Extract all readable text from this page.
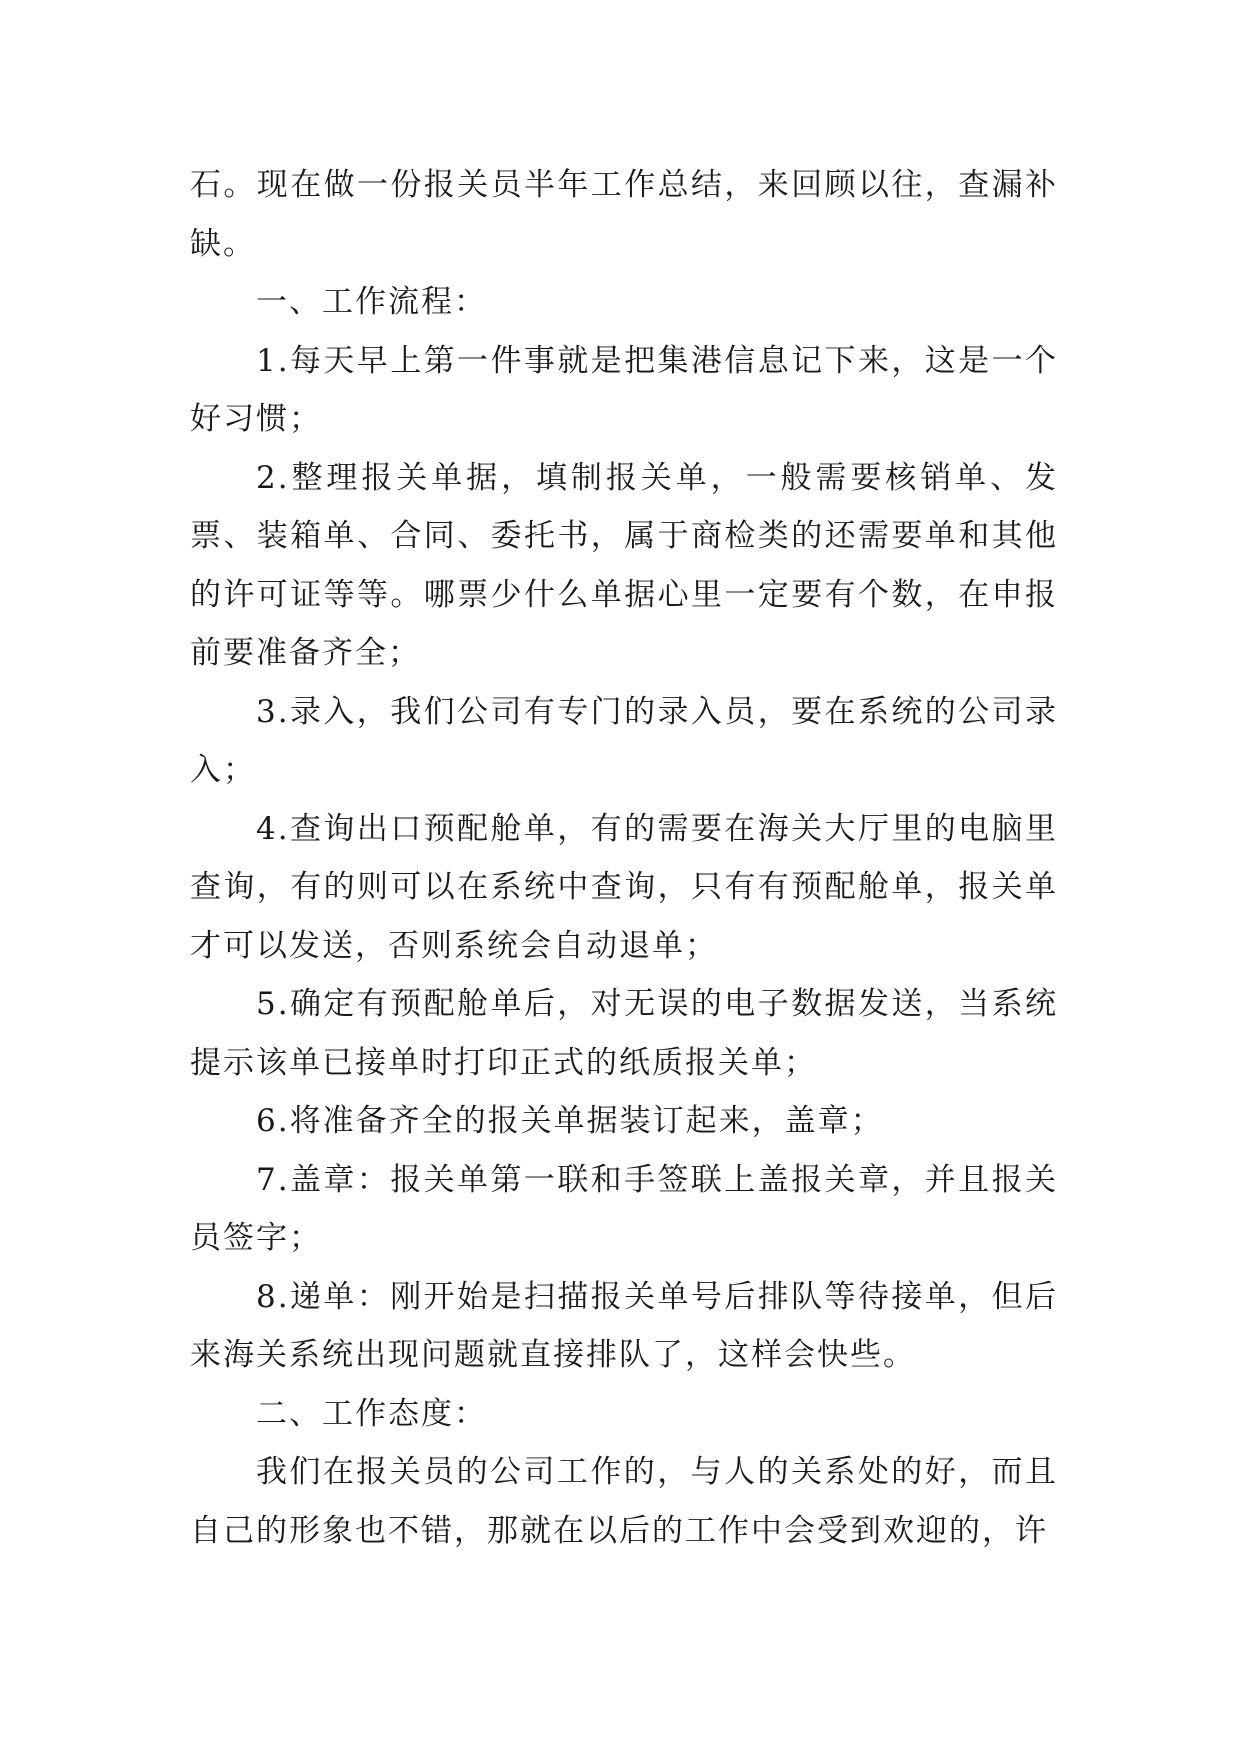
石。现在做一份报关员半年工作总结，来回顾以往，查漏补缺。

一、工作流程：

1.每天早上第一件事就是把集港信息记下来，这是一个好习惯；

2.整理报关单据，填制报关单，一般需要核销单、发票、装箱单、合同、委托书，属于商检类的还需要单和其他的许可证等等。哪票少什么单据心里一定要有个数，在申报前要准备齐全；

3.录入，我们公司有专门的录入员，要在系统的公司录入；

4.查询出口预配舱单，有的需要在海关大厅里的电脑里查询，有的则可以在系统中查询，只有有预配舱单，报关单才可以发送，否则系统会自动退单；

5.确定有预配舱单后，对无误的电子数据发送，当系统提示该单已接单时打印正式的纸质报关单；

6.将准备齐全的报关单据装订起来，盖章；

7.盖章：报关单第一联和手签联上盖报关章，并且报关员签字；

8.递单：刚开始是扫描报关单号后排队等待接单，但后来海关系统出现问题就直接排队了，这样会快些。

二、工作态度：

我们在报关员的公司工作的，与人的关系处的好，而且自己的形象也不错，那就在以后的工作中会受到欢迎的，许
